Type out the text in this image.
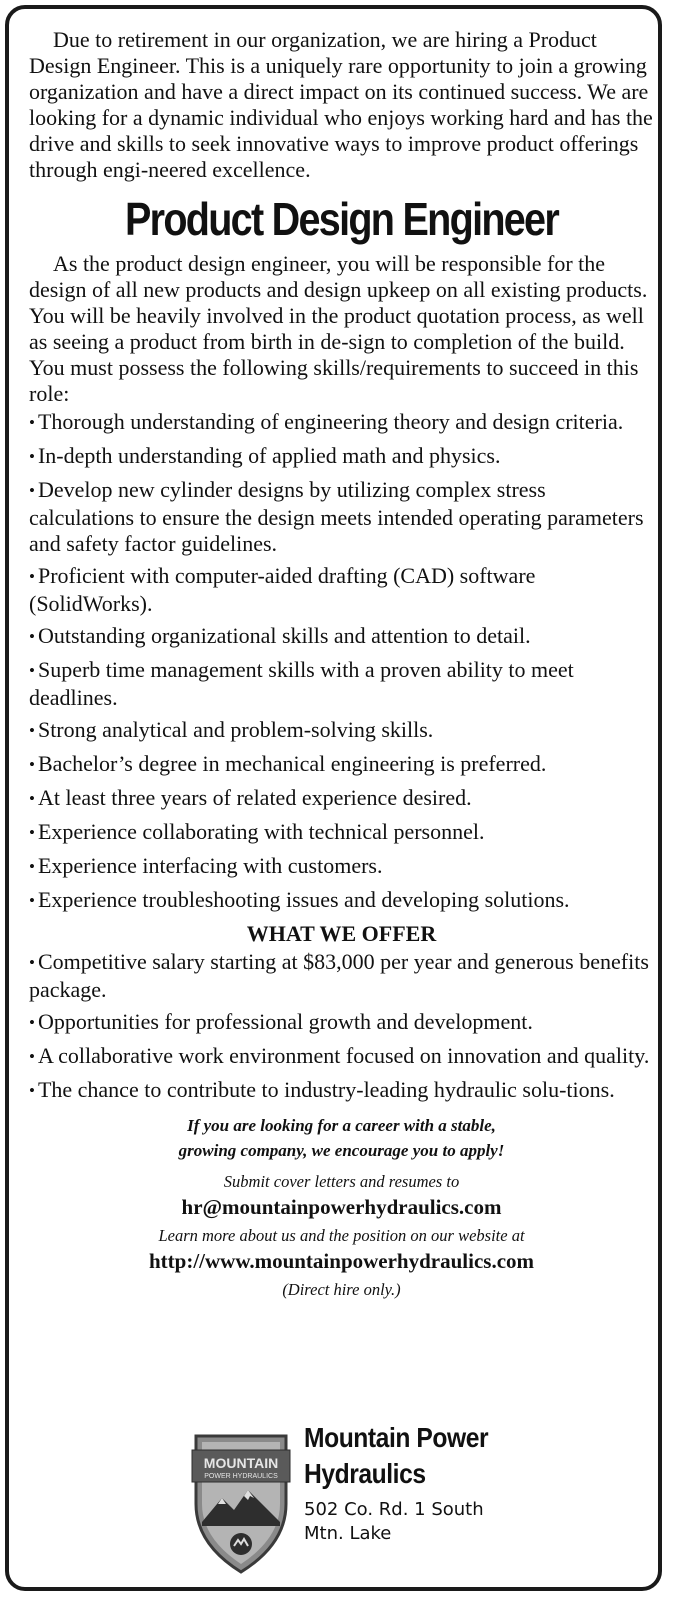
Due to retirement in our organization, we are hiring a Product Design Engineer. This is a uniquely rare opportunity to join a growing organization and have a direct impact on its continued success. We are looking for a dynamic individual who enjoys working hard and has the drive and skills to seek innovative ways to improve product offerings through engi-neered excellence.

Product Design Engineer

As the product design engineer, you will be responsible for the design of all new products and design upkeep on all existing products. You will be heavily involved in the product quotation process, as well as seeing a product from birth in de-sign to completion of the build. You must possess the following skills/requirements to succeed in this role:

• Thorough understanding of engineering theory and design criteria.
• In-depth understanding of applied math and physics.
• Develop new cylinder designs by utilizing complex stress calculations to ensure the design meets intended operating parameters and safety factor guidelines.
• Proficient with computer-aided drafting (CAD) software (SolidWorks).
• Outstanding organizational skills and attention to detail.
• Superb time management skills with a proven ability to meet deadlines.
• Strong analytical and problem-solving skills.
• Bachelor’s degree in mechanical engineering is preferred.
• At least three years of related experience desired.
• Experience collaborating with technical personnel.
• Experience interfacing with customers.
• Experience troubleshooting issues and developing solutions.
WHAT WE OFFER
• Competitive salary starting at $83,000 per year and generous benefits package.
• Opportunities for professional growth and development.
• A collaborative work environment focused on innovation and quality.
• The chance to contribute to industry-leading hydraulic solu-tions.
If you are looking for a career with a stable,
growing company, we encourage you to apply!

Submit cover letters and resumes to

hr@mountainpowerhydraulics.com

Learn more about us and the position on our website at

http://www.mountainpowerhydraulics.com

(Direct hire only.)

MOUNTAIN
POWER HYDRAULICS
Mountain Power
Hydraulics
502 Co. Rd. 1 South
Mtn. Lake
